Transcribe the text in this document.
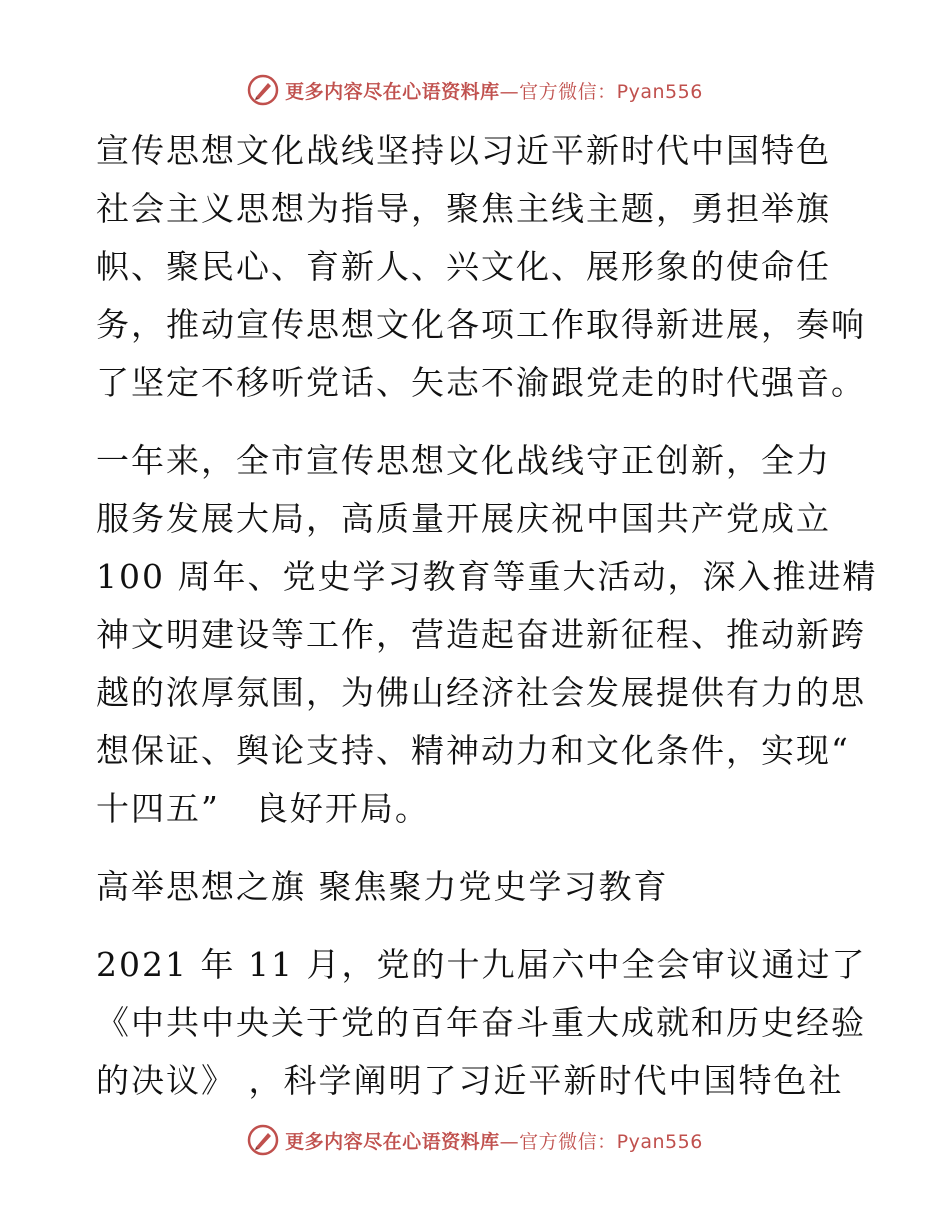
更多内容尽在心语资料库—官方微信：Pyan556
宣传思想文化战线坚持以习近平新时代中国特色
社会主义思想为指导，聚焦主线主题，勇担举旗
帜、聚民心、育新人、兴文化、展形象的使命任
务，推动宣传思想文化各项工作取得新进展，奏响
了坚定不移听党话、矢志不渝跟党走的时代强音。
一年来，全市宣传思想文化战线守正创新，全力
服务发展大局，高质量开展庆祝中国共产党成立
100 周年、党史学习教育等重大活动，深入推进精
神文明建设等工作，营造起奋进新征程、推动新跨
越的浓厚氛围，为佛山经济社会发展提供有力的思
想保证、舆论支持、精神动力和文化条件，实现“
十四五”　良好开局。
高举思想之旗 聚焦聚力党史学习教育
2021 年 11 月，党的十九届六中全会审议通过了
《中共中央关于党的百年奋斗重大成就和历史经验
的决议》 ，科学阐明了习近平新时代中国特色社
更多内容尽在心语资料库—官方微信：Pyan556
